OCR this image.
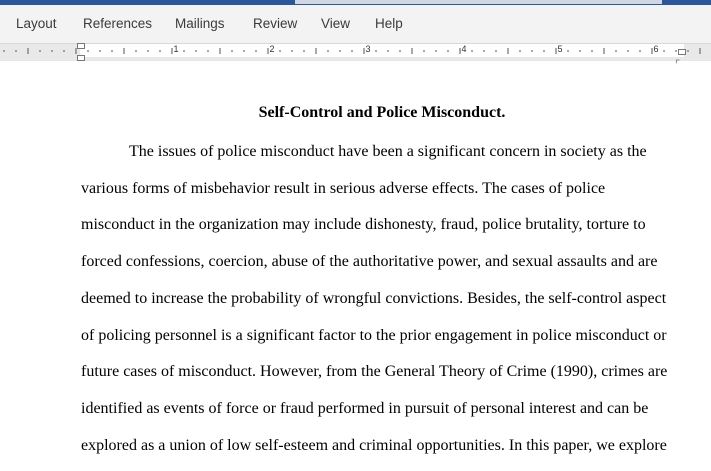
Layout References Mailings Review View Help
1	2	3	4	5	6
⌜
Self-Control and Police Misconduct.
The issues of police misconduct have been a significant concern in society as the
various forms of misbehavior result in serious adverse effects. The cases of police
misconduct in the organization may include dishonesty, fraud, police brutality, torture to
forced confessions, coercion, abuse of the authoritative power, and sexual assaults and are
deemed to increase the probability of wrongful convictions. Besides, the self-control aspect
of policing personnel is a significant factor to the prior engagement in police misconduct or
future cases of misconduct. However, from the General Theory of Crime (1990), crimes are
identified as events of force or fraud performed in pursuit of personal interest and can be
explored as a union of low self-esteem and criminal opportunities. In this paper, we explore
